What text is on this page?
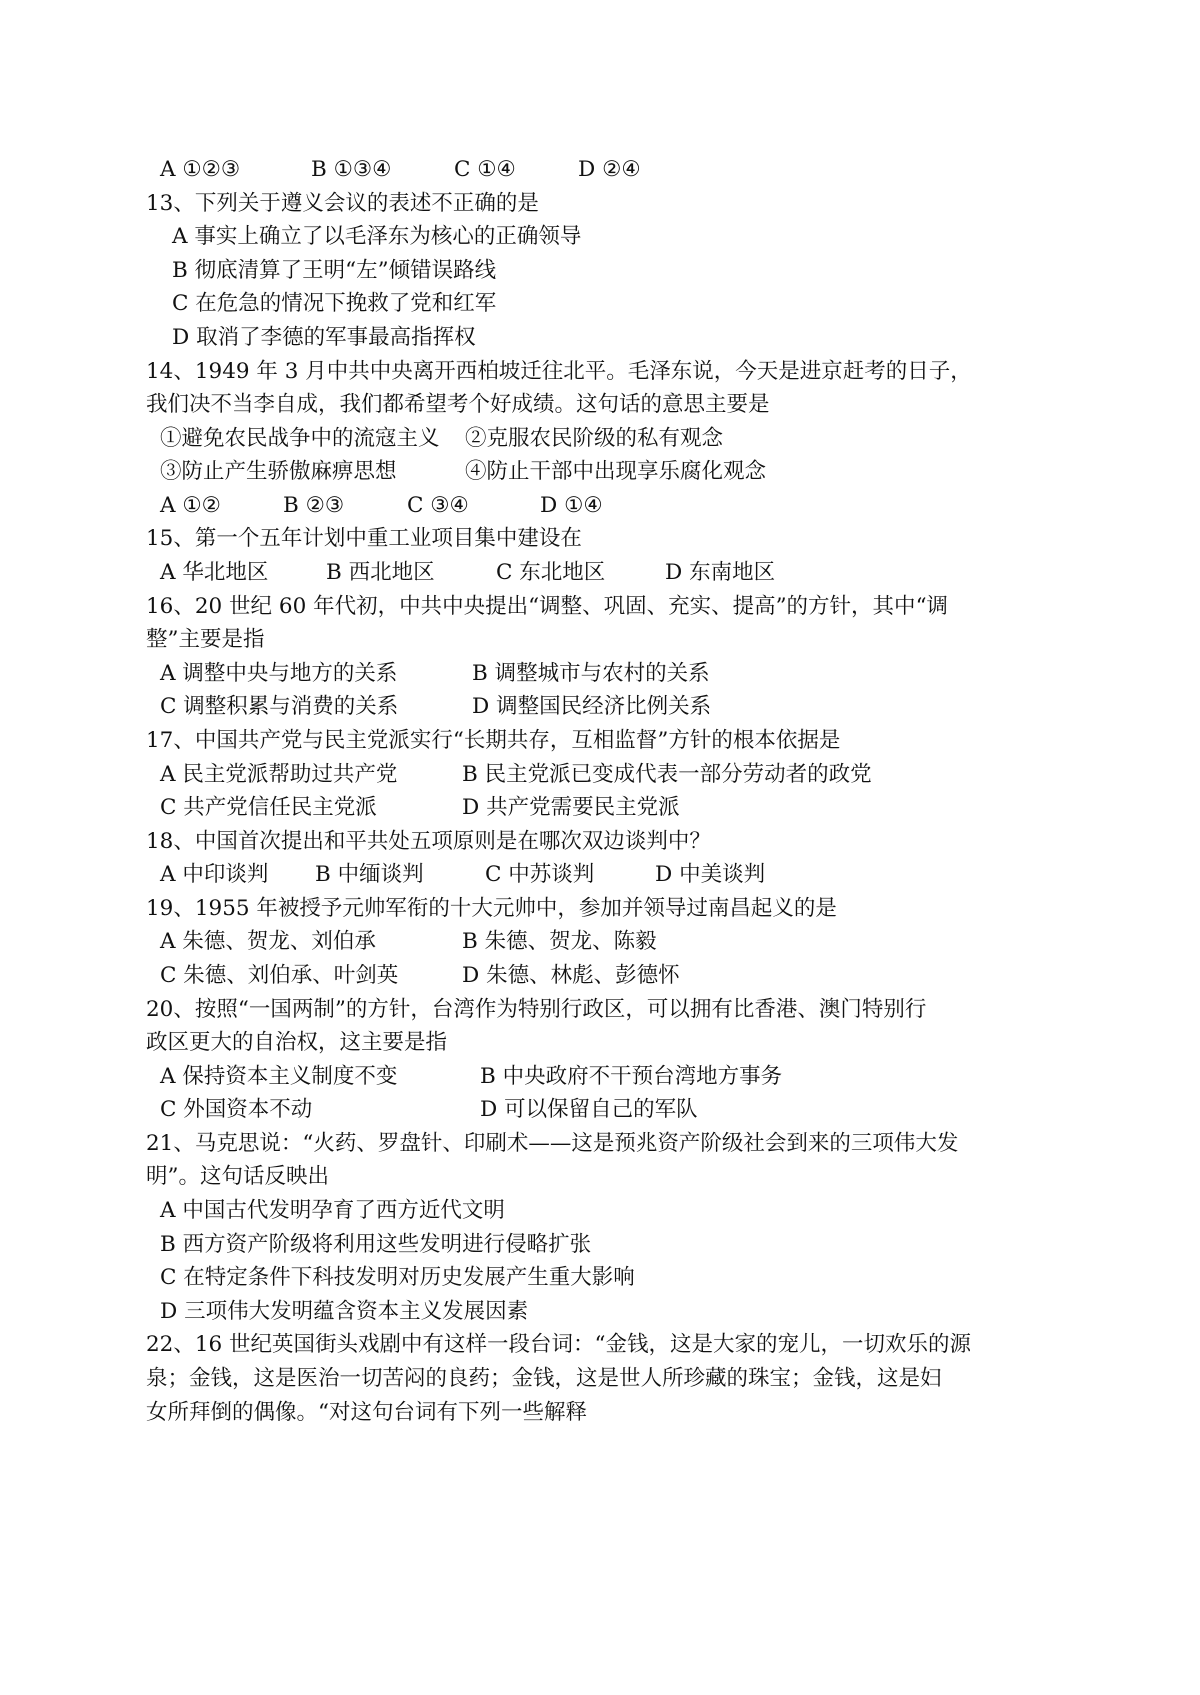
A ①②③

	B ①③④

	C ①④

	D ②④

13、下列关于遵义会议的表述不正确的是
A 事实上确立了以毛泽东为核心的正确领导
B 彻底清算了王明“左”倾错误路线
C 在危急的情况下挽救了党和红军
D 取消了李德的军事最高指挥权
14、1949 年 3 月中共中央离开西柏坡迁往北平。毛泽东说，今天是进京赶考的日子，
我们决不当李自成，我们都希望考个好成绩。这句话的意思主要是

①避免农民战争中的流寇主义

②克服农民阶级的私有观念

③防止产生骄傲麻痹思想

	④防止干部中出现享乐腐化观念

A ①②

	B ②③

	C ③④

	D ①④

15、第一个五年计划中重工业项目集中建设在

A 华北地区

	B 西北地区

	C 东北地区

	D 东南地区

16、20 世纪 60 年代初，中共中央提出“调整、巩固、充实、提高”的方针，其中“调
整”主要是指

A 调整中央与地方的关系

	B 调整城市与农村的关系

C 调整积累与消费的关系

	D 调整国民经济比例关系

17、中国共产党与民主党派实行“长期共存，互相监督”方针的根本依据是

A 民主党派帮助过共产党

	B 民主党派已变成代表一部分劳动者的政党

C 共产党信任民主党派

	D 共产党需要民主党派

18、中国首次提出和平共处五项原则是在哪次双边谈判中？

A 中印谈判

B 中缅谈判

	C 中苏谈判

	D 中美谈判

19、1955 年被授予元帅军衔的十大元帅中，参加并领导过南昌起义的是

A 朱德、贺龙、刘伯承

	B 朱德、贺龙、陈毅

C 朱德、刘伯承、叶剑英

	D 朱德、林彪、彭德怀

20、按照“一国两制”的方针，台湾作为特别行政区，可以拥有比香港、澳门特别行
政区更大的自治权，这主要是指

A 保持资本主义制度不变

	B 中央政府不干预台湾地方事务

C 外国资本不动

	D 可以保留自己的军队

21、马克思说：“火药、罗盘针、印刷术——这是预兆资产阶级社会到来的三项伟大发
明”。这句话反映出
A 中国古代发明孕育了西方近代文明
B 西方资产阶级将利用这些发明进行侵略扩张
C 在特定条件下科技发明对历史发展产生重大影响
D 三项伟大发明蕴含资本主义发展因素
22、16 世纪英国街头戏剧中有这样一段台词：“金钱，这是大家的宠儿，一切欢乐的源
泉；金钱，这是医治一切苦闷的良药；金钱，这是世人所珍藏的珠宝；金钱，这是妇
女所拜倒的偶像。“对这句台词有下列一些解释
